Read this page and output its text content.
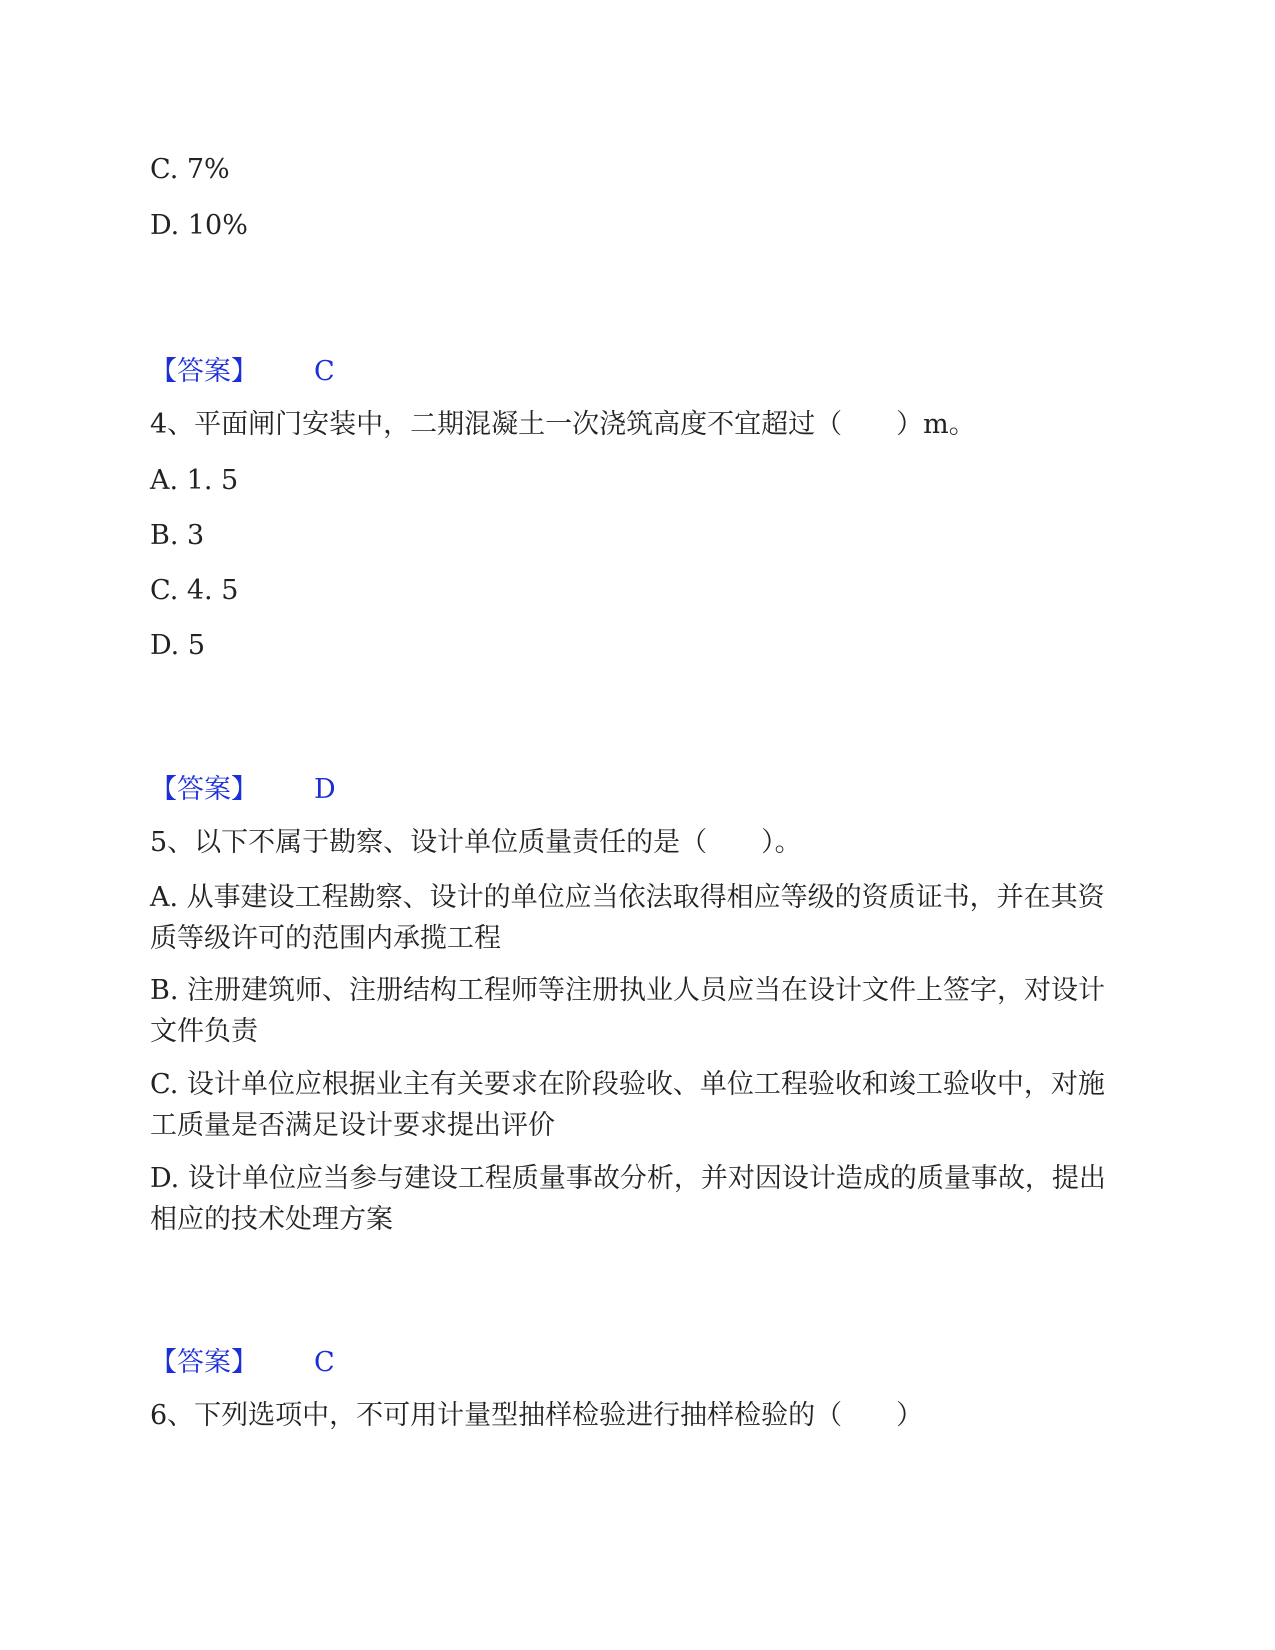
C. 7%
D. 10%
【答案】 C
4、平面闸门安装中，二期混凝土一次浇筑高度不宜超过（　　）m。
A. 1. 5
B. 3
C. 4. 5
D. 5
【答案】 D
5、以下不属于勘察、设计单位质量责任的是（　　）。
A. 从事建设工程勘察、设计的单位应当依法取得相应等级的资质证书，并在其资质等级许可的范围内承揽工程
B. 注册建筑师、注册结构工程师等注册执业人员应当在设计文件上签字，对设计文件负责
C. 设计单位应根据业主有关要求在阶段验收、单位工程验收和竣工验收中，对施工质量是否满足设计要求提出评价
D. 设计单位应当参与建设工程质量事故分析，并对因设计造成的质量事故，提出相应的技术处理方案
【答案】 C
6、下列选项中，不可用计量型抽样检验进行抽样检验的（　　）
